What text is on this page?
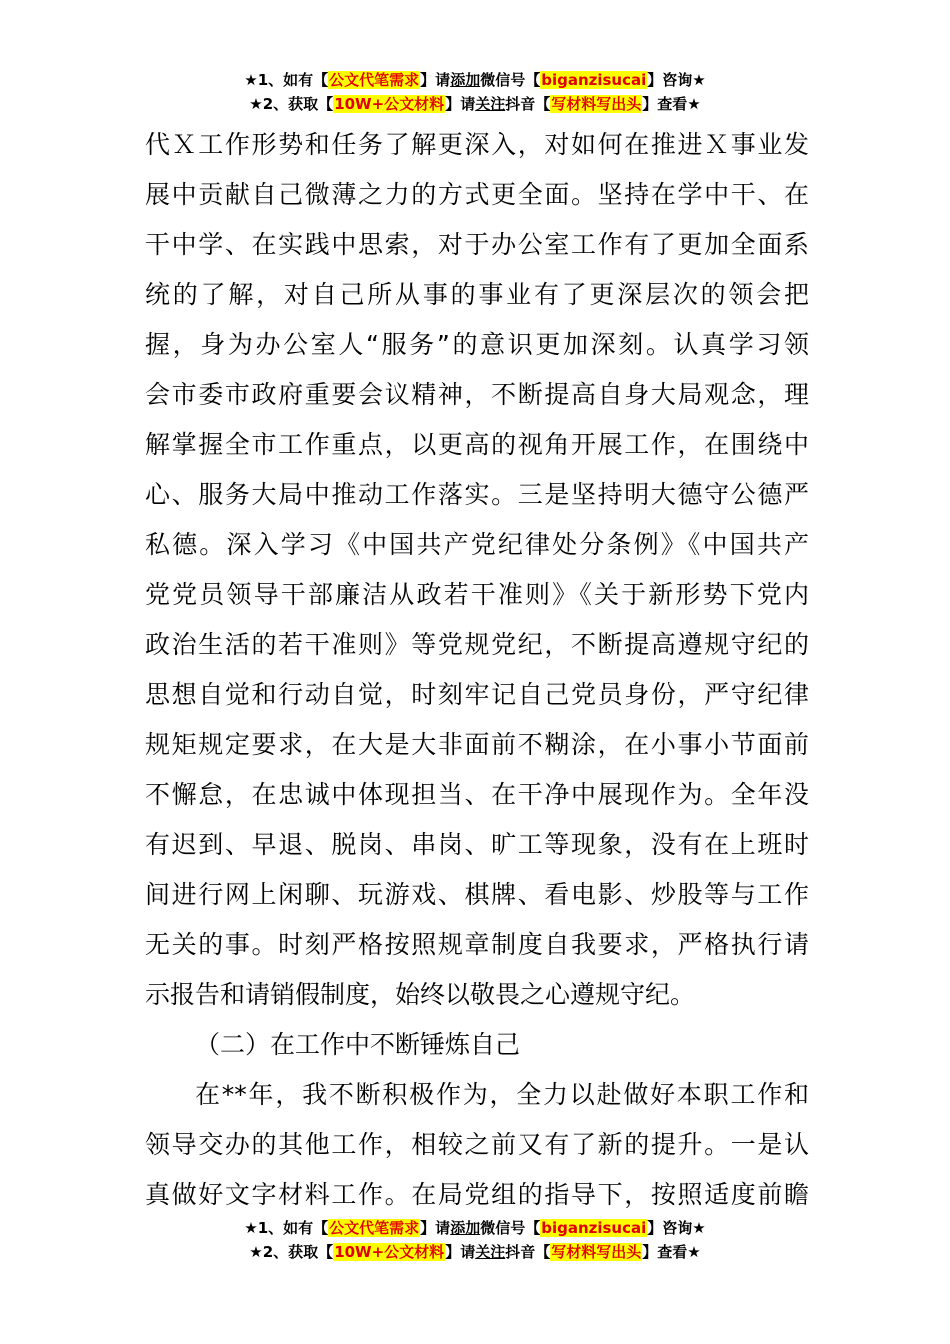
★1、如有【公文代笔需求】请添加微信号【biganzisucai】咨询★
★2、获取【10W+公文材料】请关注抖音【写材料写出头】查看★
代Ｘ工作形势和任务了解更深入，对如何在推进Ｘ事业发
展中贡献自己微薄之力的方式更全面。坚持在学中干、在
干中学、在实践中思索，对于办公室工作有了更加全面系
统的了解，对自己所从事的事业有了更深层次的领会把
握，身为办公室人“服务”的意识更加深刻。认真学习领
会市委市政府重要会议精神，不断提高自身大局观念，理
解掌握全市工作重点，以更高的视角开展工作，在围绕中
心、服务大局中推动工作落实。三是坚持明大德守公德严
私德。深入学习《中国共产党纪律处分条例》《中国共产
党党员领导干部廉洁从政若干准则》《关于新形势下党内
政治生活的若干准则》等党规党纪，不断提高遵规守纪的
思想自觉和行动自觉，时刻牢记自己党员身份，严守纪律
规矩规定要求，在大是大非面前不糊涂，在小事小节面前
不懈怠，在忠诚中体现担当、在干净中展现作为。全年没
有迟到、早退、脱岗、串岗、旷工等现象，没有在上班时
间进行网上闲聊、玩游戏、棋牌、看电影、炒股等与工作
无关的事。时刻严格按照规章制度自我要求，严格执行请
示报告和请销假制度，始终以敬畏之心遵规守纪。
（二）在工作中不断锤炼自己
在**年，我不断积极作为，全力以赴做好本职工作和
领导交办的其他工作，相较之前又有了新的提升。一是认
真做好文字材料工作。在局党组的指导下，按照适度前瞻
★1、如有【公文代笔需求】请添加微信号【biganzisucai】咨询★
★2、获取【10W+公文材料】请关注抖音【写材料写出头】查看★
